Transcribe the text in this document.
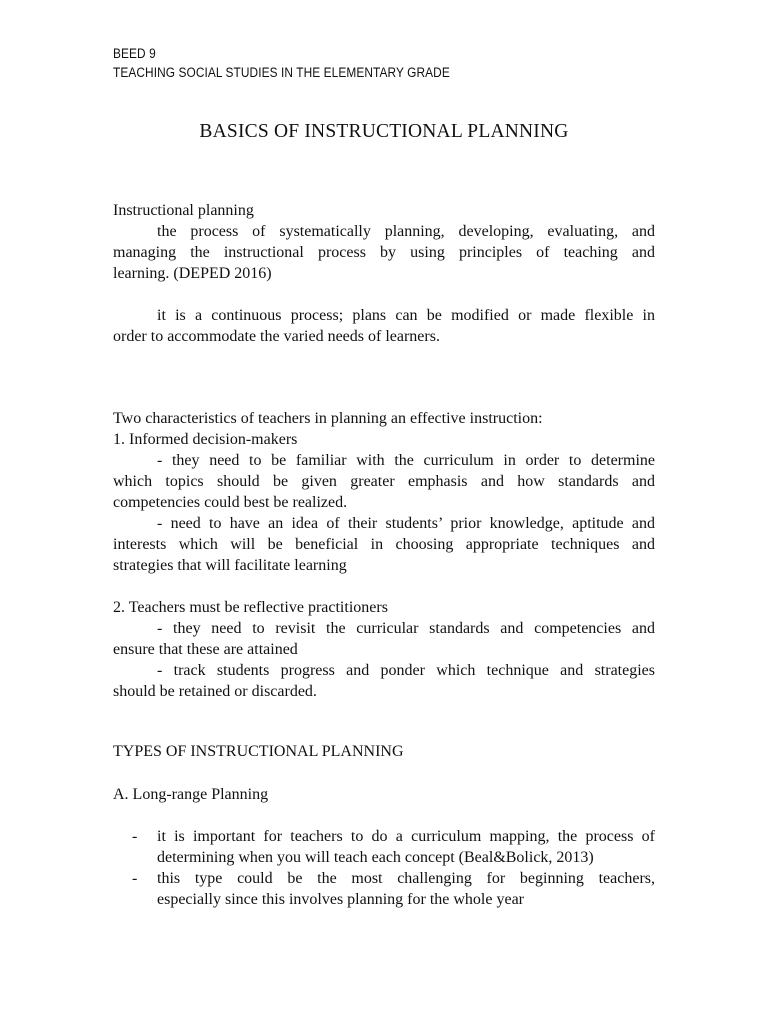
BEED 9
TEACHING SOCIAL STUDIES IN THE ELEMENTARY GRADE
BASICS OF INSTRUCTIONAL PLANNING
Instructional planning
the process of systematically planning, developing, evaluating, and
managing the instructional process by using principles of teaching and
learning. (DEPED 2016)
it is a continuous process; plans can be modified or made flexible in
order to accommodate the varied needs of learners.
Two characteristics of teachers in planning an effective instruction:
1. Informed decision-makers
- they need to be familiar with the curriculum in order to determine
which topics should be given greater emphasis and how standards and
competencies could best be realized.
- need to have an idea of their students’ prior knowledge, aptitude and
interests which will be beneficial in choosing appropriate techniques and
strategies that will facilitate learning
2. Teachers must be reflective practitioners
- they need to revisit the curricular standards and competencies and
ensure that these are attained
- track students progress and ponder which technique and strategies
should be retained or discarded.
TYPES OF INSTRUCTIONAL PLANNING
A. Long-range Planning
- it is important for teachers to do a curriculum mapping, the process of
determining when you will teach each concept (Beal&Bolick, 2013)
- this type could be the most challenging for beginning teachers,
especially since this involves planning for the whole year
